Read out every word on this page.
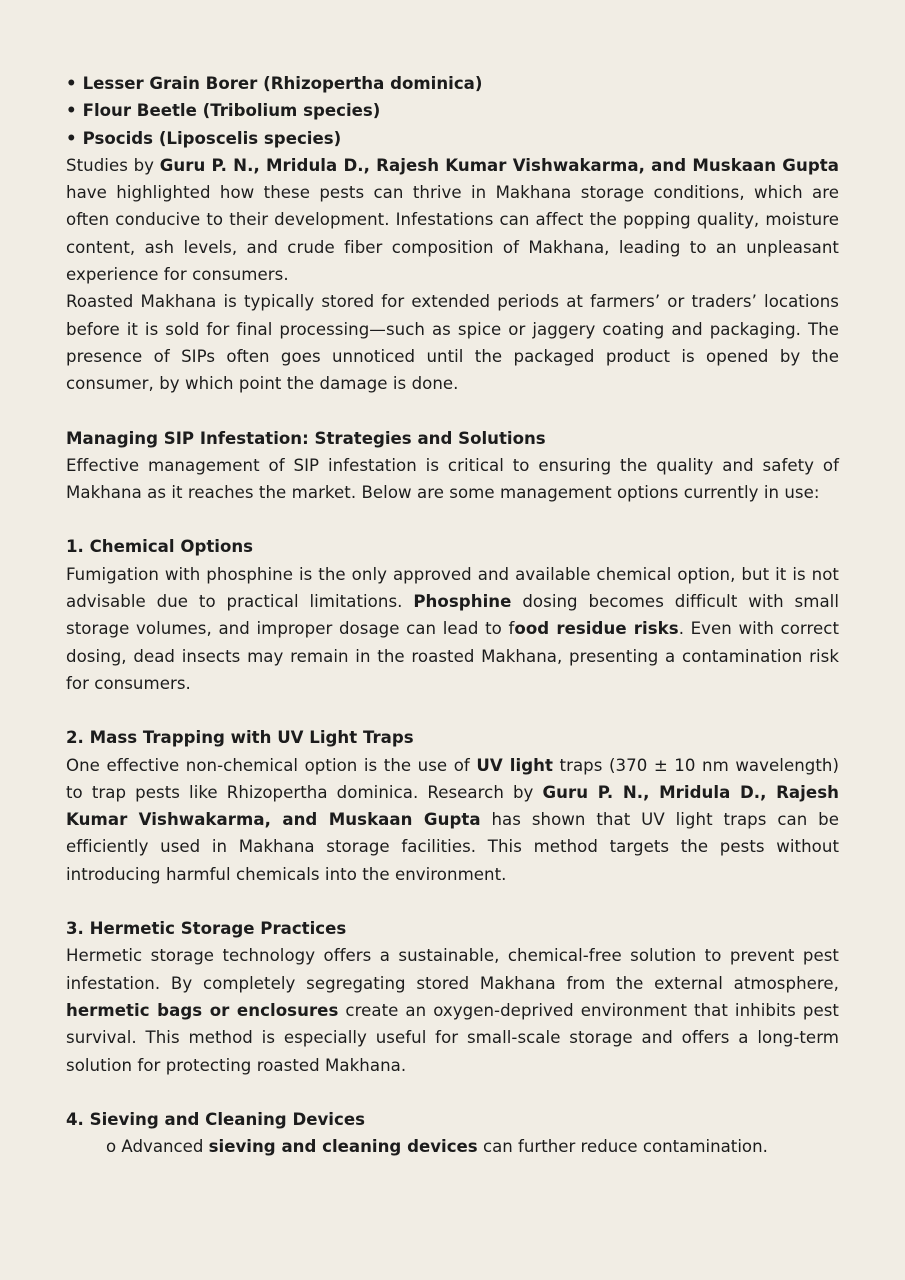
• Lesser Grain Borer (Rhizopertha dominica)
• Flour Beetle (Tribolium species)
• Psocids (Liposcelis species)

Studies by Guru P. N., Mridula D., Rajesh Kumar Vishwakarma, and Muskaan Gupta have highlighted how these pests can thrive in Makhana storage conditions, which are often conducive to their development. Infestations can affect the popping quality, moisture content, ash levels, and crude fiber composition of Makhana, leading to an unpleasant experience for consumers.

Roasted Makhana is typically stored for extended periods at farmers’ or traders’ locations before it is sold for final processing—such as spice or jaggery coating and packaging. The presence of SIPs often goes unnoticed until the packaged product is opened by the consumer, by which point the damage is done.

Managing SIP Infestation: Strategies and Solutions

Effective management of SIP infestation is critical to ensuring the quality and safety of Makhana as it reaches the market. Below are some management options currently in use:

1. Chemical Options

Fumigation with phosphine is the only approved and available chemical option, but it is not advisable due to practical limitations. Phosphine dosing becomes difficult with small storage volumes, and improper dosage can lead to food residue risks. Even with correct dosing, dead insects may remain in the roasted Makhana, presenting a contamination risk for consumers.

2. Mass Trapping with UV Light Traps

One effective non-chemical option is the use of UV light traps (370 ± 10 nm wavelength) to trap pests like Rhizopertha dominica. Research by Guru P. N., Mridula D., Rajesh Kumar Vishwakarma, and Muskaan Gupta has shown that UV light traps can be efficiently used in Makhana storage facilities. This method targets the pests without introducing harmful chemicals into the environment.

3. Hermetic Storage Practices

Hermetic storage technology offers a sustainable, chemical-free solution to prevent pest infestation. By completely segregating stored Makhana from the external atmosphere, hermetic bags or enclosures create an oxygen-deprived environment that inhibits pest survival. This method is especially useful for small-scale storage and offers a long-term solution for protecting roasted Makhana.

4. Sieving and Cleaning Devices

o Advanced sieving and cleaning devices can further reduce contamination.
